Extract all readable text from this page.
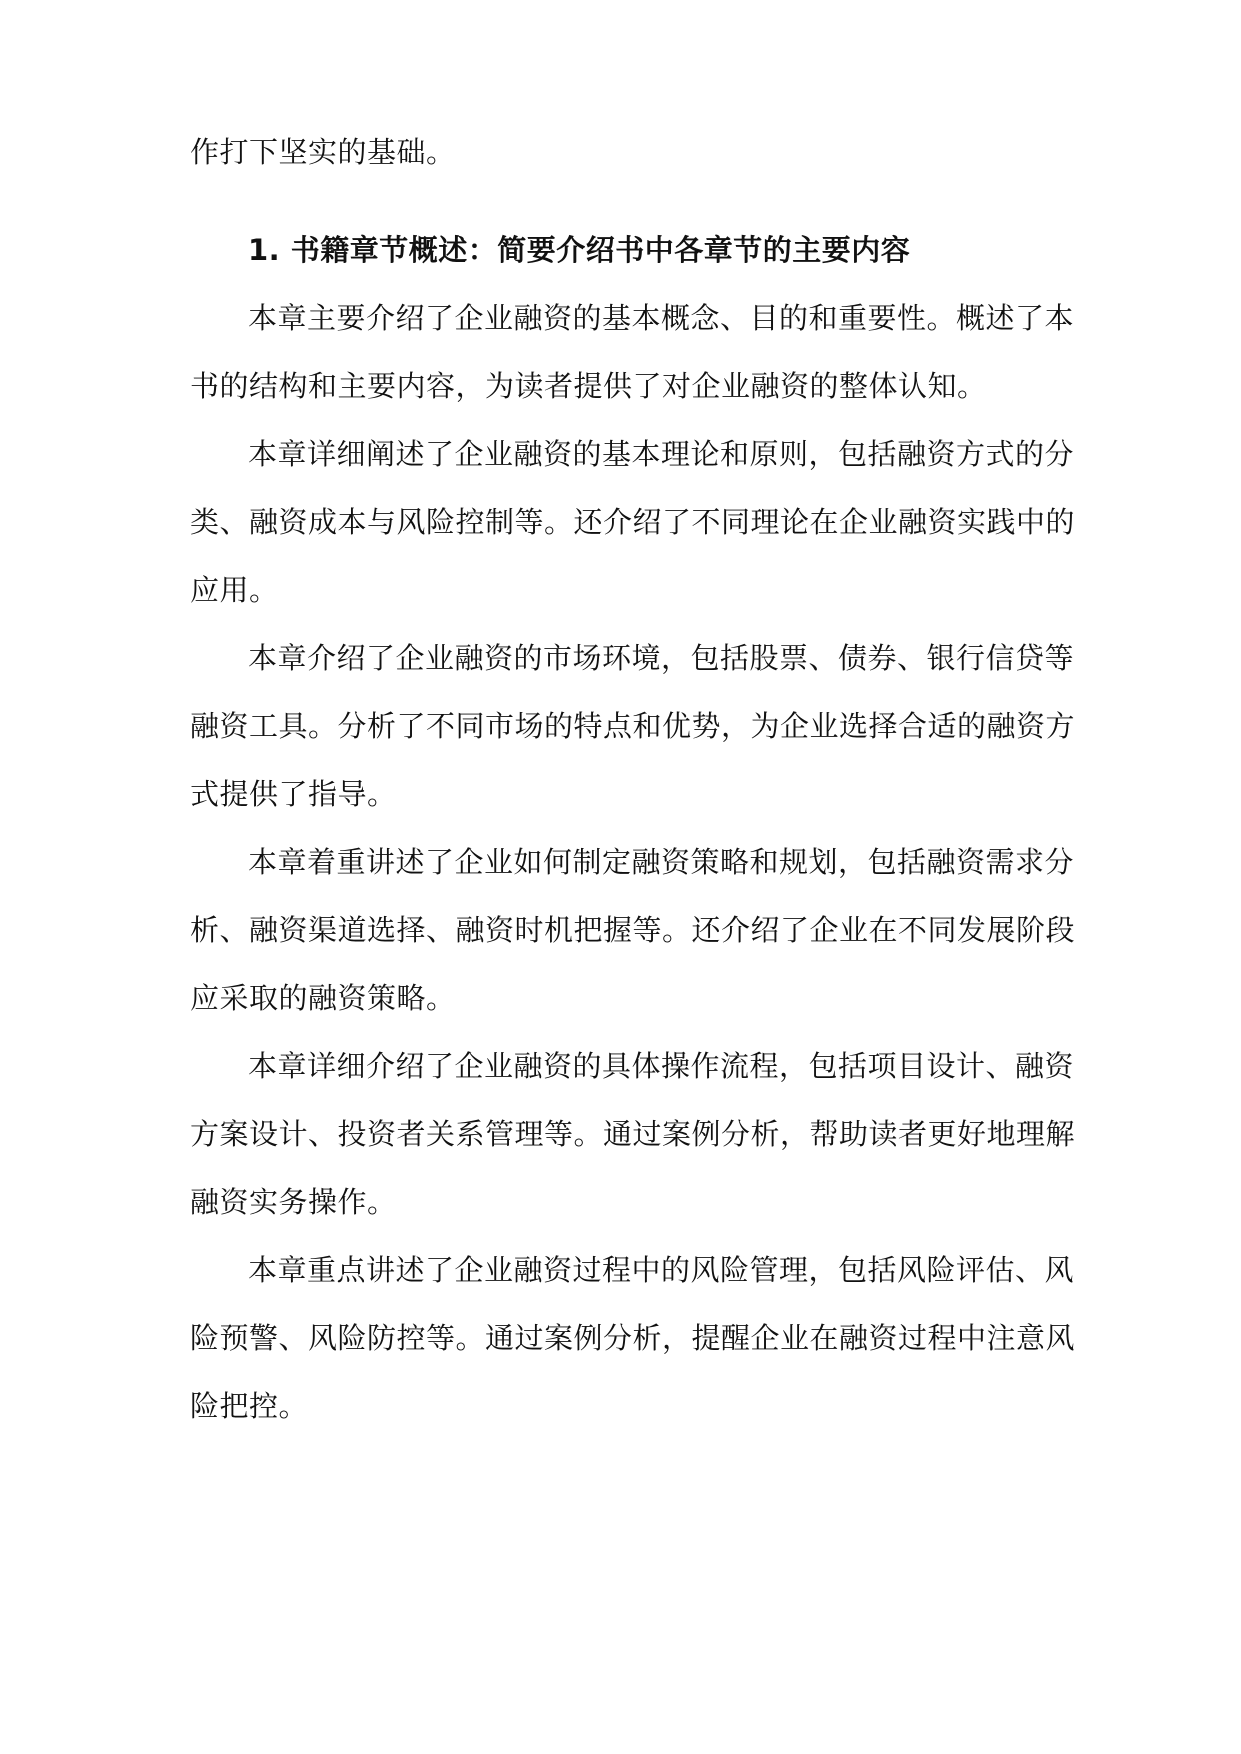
作打下坚实的基础。
1. 书籍章节概述：简要介绍书中各章节的主要内容
本章主要介绍了企业融资的基本概念、目的和重要性。概述了本
书的结构和主要内容，为读者提供了对企业融资的整体认知。
本章详细阐述了企业融资的基本理论和原则，包括融资方式的分
类、融资成本与风险控制等。还介绍了不同理论在企业融资实践中的
应用。
本章介绍了企业融资的市场环境，包括股票、债券、银行信贷等
融资工具。分析了不同市场的特点和优势，为企业选择合适的融资方
式提供了指导。
本章着重讲述了企业如何制定融资策略和规划，包括融资需求分
析、融资渠道选择、融资时机把握等。还介绍了企业在不同发展阶段
应采取的融资策略。
本章详细介绍了企业融资的具体操作流程，包括项目设计、融资
方案设计、投资者关系管理等。通过案例分析，帮助读者更好地理解
融资实务操作。
本章重点讲述了企业融资过程中的风险管理，包括风险评估、风
险预警、风险防控等。通过案例分析，提醒企业在融资过程中注意风
险把控。
